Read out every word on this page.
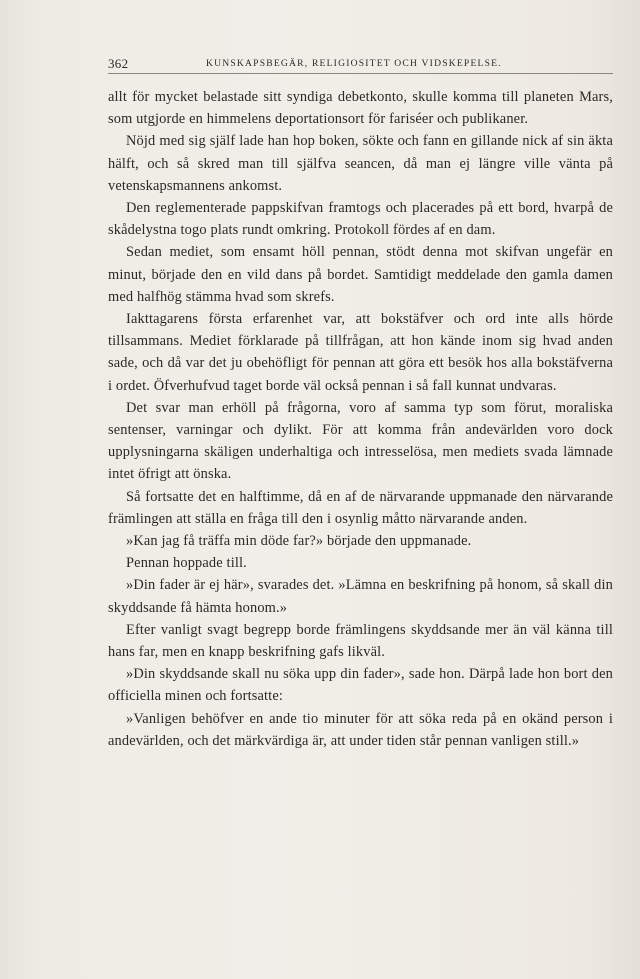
362	KUNSKAPSBEGÄR, RELIGIOSITET OCH VIDSKEPELSE.

allt för mycket belastade sitt syndiga debetkonto, skulle komma till planeten Mars, som utgjorde en himmelens deportationsort för fariséer och publikaner.

Nöjd med sig själf lade han hop boken, sökte och fann en gillande nick af sin äkta hälft, och så skred man till själfva seancen, då man ej längre ville vänta på vetenskapsmannens ankomst.

Den reglementerade pappskifvan framtogs och placerades på ett bord, hvarpå de skådelystna togo plats rundt omkring. Protokoll fördes af en dam.

Sedan mediet, som ensamt höll pennan, stödt denna mot skifvan ungefär en minut, började den en vild dans på bordet. Samtidigt meddelade den gamla damen med halfhög stämma hvad som skrefs.

Iakttagarens första erfarenhet var, att bokstäfver och ord inte alls hörde tillsammans. Mediet förklarade på tillfrågan, att hon kände inom sig hvad anden sade, och då var det ju obehöfligt för pennan att göra ett besök hos alla bokstäfverna i ordet. Öfverhufvud taget borde väl också pennan i så fall kunnat undvaras.

Det svar man erhöll på frågorna, voro af samma typ som förut, moraliska sentenser, varningar och dylikt. För att komma från andevärlden voro dock upplysningarna skäligen underhaltiga och intresselösa, men mediets svada lämnade intet öfrigt att önska.

Så fortsatte det en halftimme, då en af de närvarande uppmanade den närvarande främlingen att ställa en fråga till den i osynlig måtto närvarande anden.

»Kan jag få träffa min döde far?» började den uppmanade.

Pennan hoppade till.

»Din fader är ej här», svarades det. »Lämna en beskrifning på honom, så skall din skyddsande få hämta honom.»

Efter vanligt svagt begrepp borde främlingens skyddsande mer än väl känna till hans far, men en knapp beskrifning gafs likväl.

»Din skyddsande skall nu söka upp din fader», sade hon. Därpå lade hon bort den officiella minen och fortsatte:

»Vanligen behöfver en ande tio minuter för att söka reda på en okänd person i andevärlden, och det märkvärdiga är, att under tiden står pennan vanligen still.»
